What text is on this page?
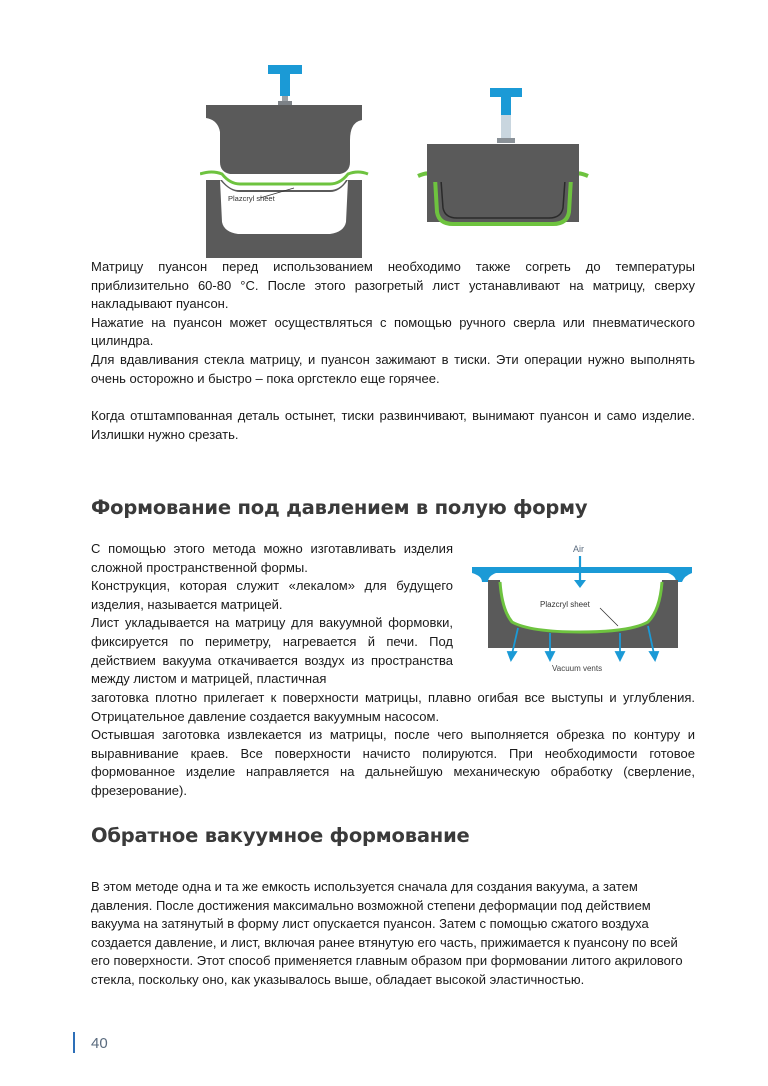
Plazcryl sheet
Air
Plazcryl sheet
Vacuum vents

Матрицу пуансон перед использованием необходимо также согреть до температуры приблизительно 60-80 °С. После этого разогретый лист устанавливают на матрицу, сверху накладывают пуансон.

Нажатие на пуансон может осуществляться с помощью ручного сверла или пневматического цилиндра.

Для вдавливания стекла матрицу, и пуансон зажимают в тиски. Эти операции нужно выполнять очень осторожно и быстро – пока оргстекло еще горячее.

Когда отштампованная деталь остынет, тиски развинчивают, вынимают пуансон и само изделие. Излишки нужно срезать.

Формование под давлением в полую форму

С помощью этого метода можно изготавливать изделия сложной пространственной формы.

Конструкция, которая служит «лекалом» для будущего изделия, называется матрицей.

Лист укладывается на матрицу для вакуумной формовки, фиксируется по периметру, нагревается й печи. Под действием вакуума откачивается воздух из пространства между листом и матрицей, пластичная

заготовка плотно прилегает к поверхности матрицы, плавно огибая все выступы и углубления. Отрицательное давление создается вакуумным насосом.

Остывшая заготовка извлекается из матрицы, после чего выполняется обрезка по контуру и выравнивание краев. Все поверхности начисто полируются. При необходимости готовое формованное изделие направляется на дальнейшую механическую обработку (сверление, фрезерование).

Обратное вакуумное формование

В этом методе одна и та же емкость используется сначала для создания вакуума, а затем давления. После достижения максимально возможной степени деформации под действием вакуума на затянутый в форму лист опускается пуансон. Затем с помощью сжатого воздуха создается давление, и лист, включая ранее втянутую его часть, прижимается к пуансону по всей его поверхности. Этот способ применяется главным образом при формовании литого акрилового стекла, поскольку оно, как указывалось выше, обладает высокой эластичностью.

40
